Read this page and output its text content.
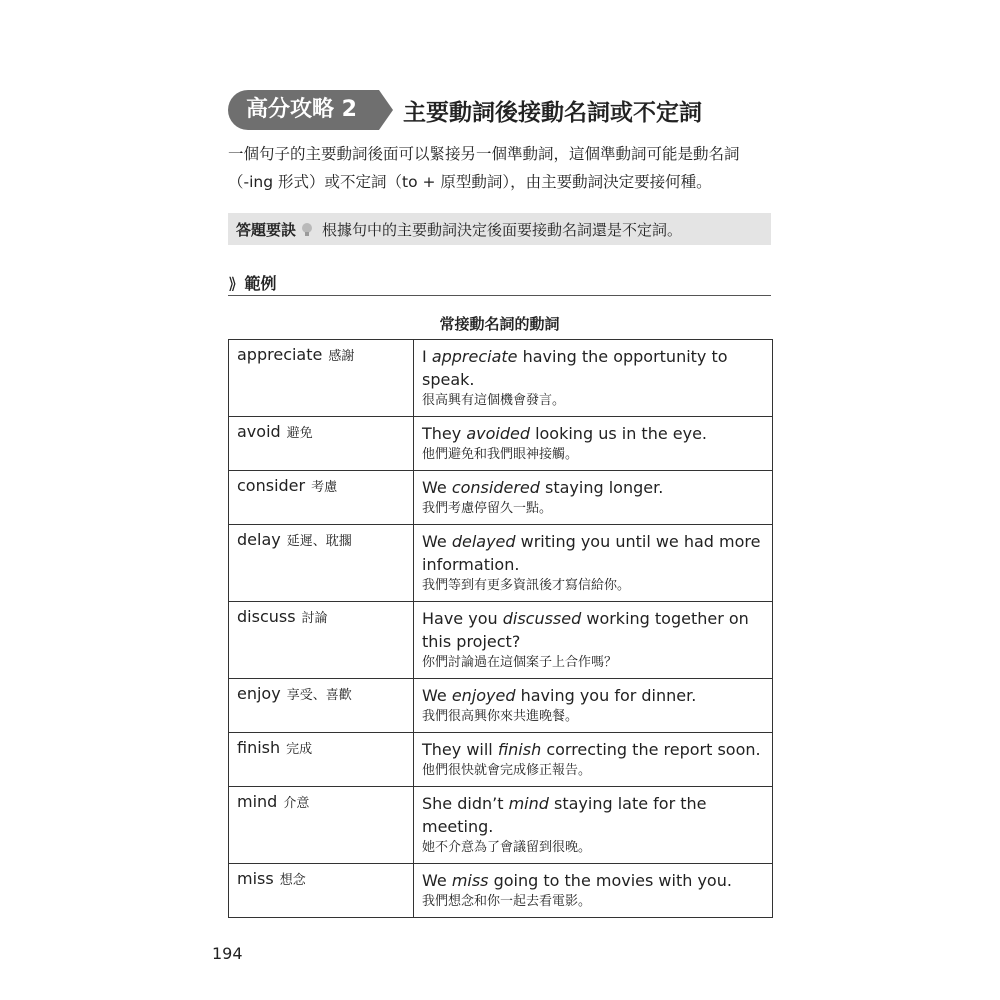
高分攻略 2	主要動詞後接動名詞或不定詞
一個句子的主要動詞後面可以緊接另一個準動詞，這個準動詞可能是動名詞
（-ing 形式）或不定詞（to + 原型動詞），由主要動詞決定要接何種。
答題要訣 根據句中的主要動詞決定後面要接動名詞還是不定詞。
⟫ 範例
常接動名詞的動詞
appreciate 感謝	I appreciate having the opportunity to speak.
很高興有這個機會發言。

avoid 避免	They avoided looking us in the eye.
他們避免和我們眼神接觸。

consider 考慮	We considered staying longer.
我們考慮停留久一點。

delay 延遲、耽擱	We delayed writing you until we had more information.
我們等到有更多資訊後才寫信給你。

discuss 討論	Have you discussed working together on this project?
你們討論過在這個案子上合作嗎？

enjoy 享受、喜歡	We enjoyed having you for dinner.
我們很高興你來共進晚餐。

finish 完成	They will finish correcting the report soon.
他們很快就會完成修正報告。

mind 介意	She didn’t mind staying late for the meeting.
她不介意為了會議留到很晚。

miss 想念	We miss going to the movies with you.
我們想念和你一起去看電影。
194
